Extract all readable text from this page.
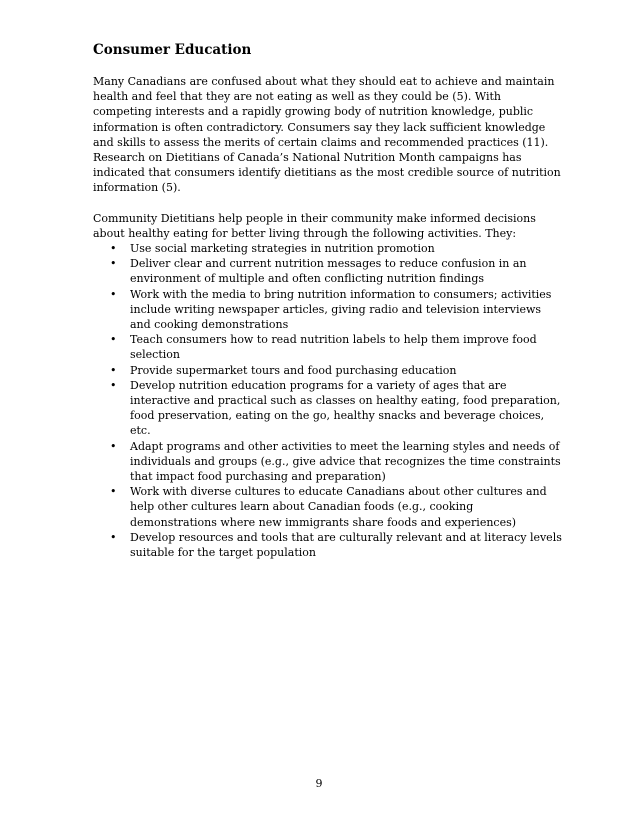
Consumer Education

Many Canadians are confused about what they should eat to achieve and maintain health and feel that they are not eating as well as they could be (5). With competing interests and a rapidly growing body of nutrition knowledge, public information is often contradictory. Consumers say they lack sufficient knowledge and skills to assess the merits of certain claims and recommended practices (11). Research on Dietitians of Canada’s National Nutrition Month campaigns has indicated that consumers identify dietitians as the most credible source of nutrition information (5).

Community Dietitians help people in their community make informed decisions about healthy eating for better living through the following activities. They:

• Use social marketing strategies in nutrition promotion
• Deliver clear and current nutrition messages to reduce confusion in an environment of multiple and often conflicting nutrition findings
• Work with the media to bring nutrition information to consumers; activities include writing newspaper articles, giving radio and television interviews and cooking demonstrations
• Teach consumers how to read nutrition labels to help them improve food selection
• Provide supermarket tours and food purchasing education
• Develop nutrition education programs for a variety of ages that are interactive and practical such as classes on healthy eating, food preparation, food preservation, eating on the go, healthy snacks and beverage choices, etc.
• Adapt programs and other activities to meet the learning styles and needs of individuals and groups (e.g., give advice that recognizes the time constraints that impact food purchasing and preparation)
• Work with diverse cultures to educate Canadians about other cultures and help other cultures learn about Canadian foods (e.g., cooking demonstrations where new immigrants share foods and experiences)
• Develop resources and tools that are culturally relevant and at literacy levels suitable for the target population
9
